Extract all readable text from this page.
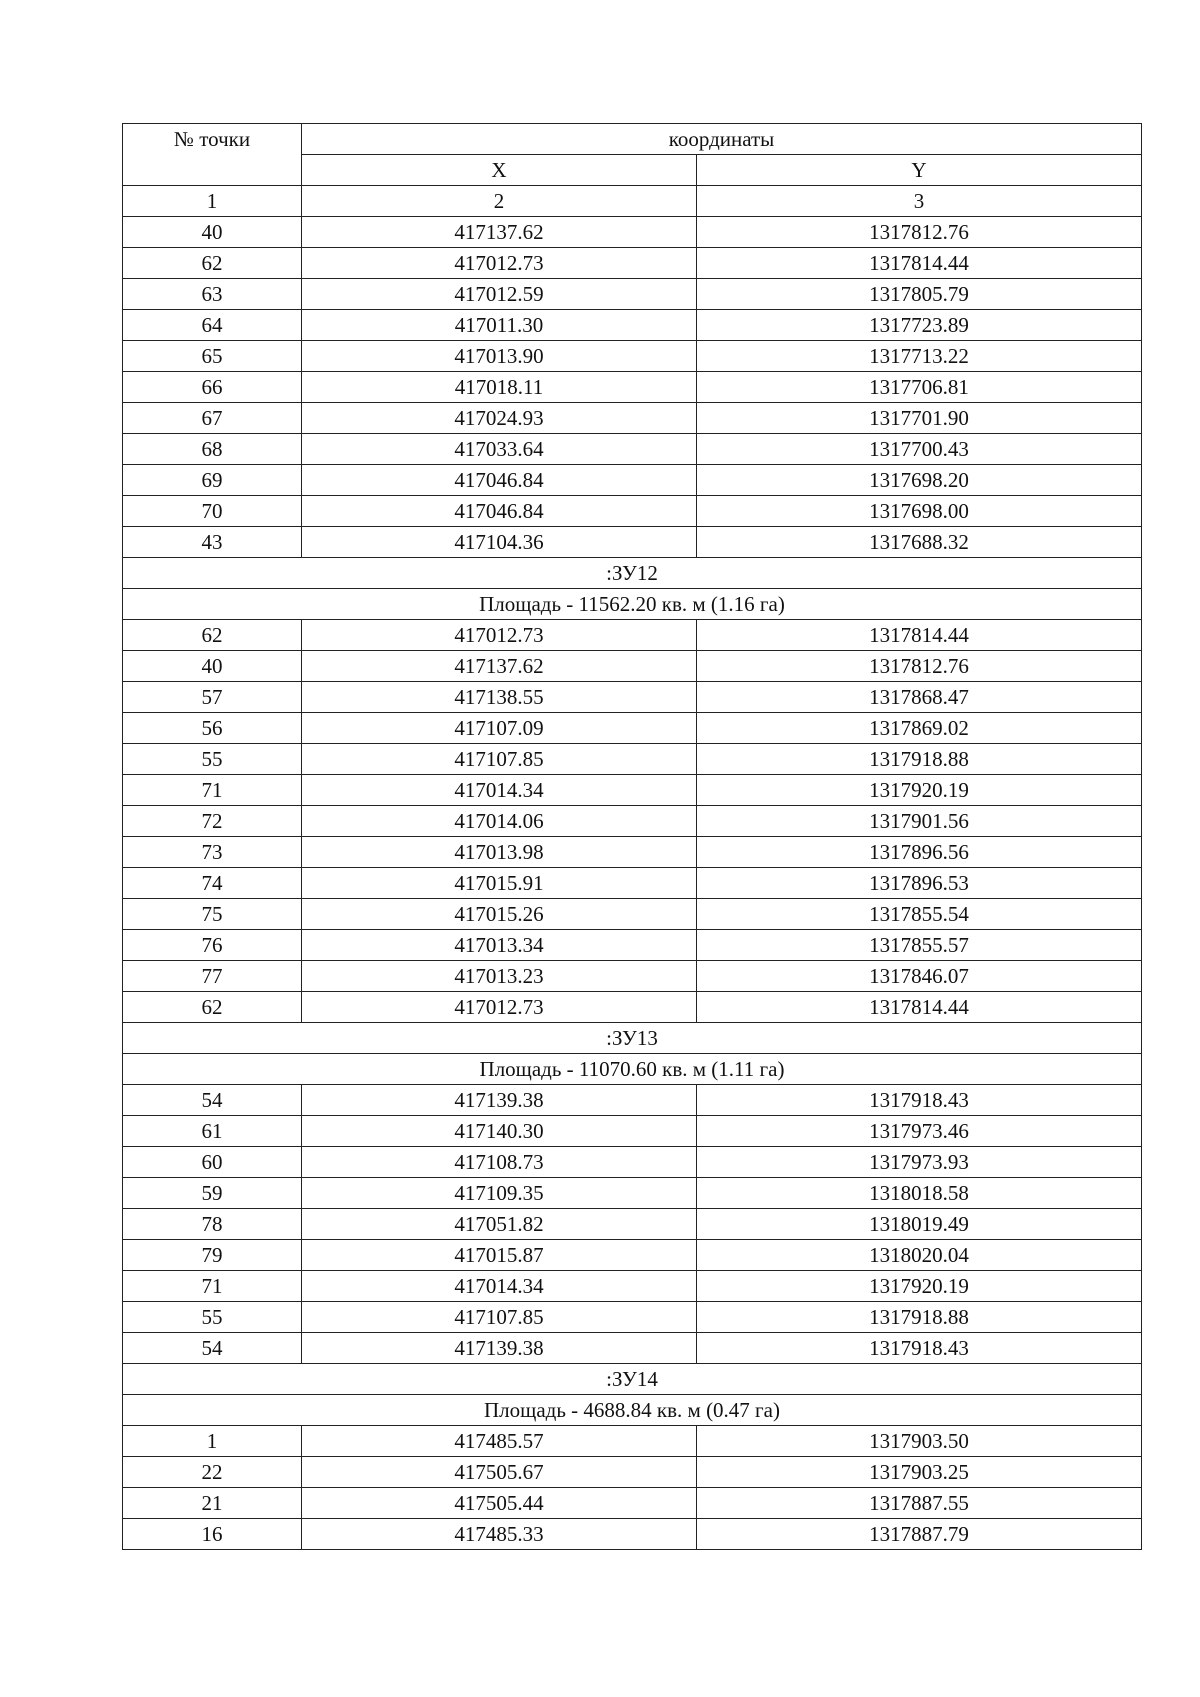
№ точки	координаты	
	X	Y
1	2	3
40	417137.62	1317812.76
62	417012.73	1317814.44
63	417012.59	1317805.79
64	417011.30	1317723.89
65	417013.90	1317713.22
66	417018.11	1317706.81
67	417024.93	1317701.90
68	417033.64	1317700.43
69	417046.84	1317698.20
70	417046.84	1317698.00
43	417104.36	1317688.32
:ЗУ12		
Площадь - 11562.20 кв. м (1.16 га)		
62	417012.73	1317814.44
40	417137.62	1317812.76
57	417138.55	1317868.47
56	417107.09	1317869.02
55	417107.85	1317918.88
71	417014.34	1317920.19
72	417014.06	1317901.56
73	417013.98	1317896.56
74	417015.91	1317896.53
75	417015.26	1317855.54
76	417013.34	1317855.57
77	417013.23	1317846.07
62	417012.73	1317814.44
:ЗУ13		
Площадь - 11070.60 кв. м (1.11 га)		
54	417139.38	1317918.43
61	417140.30	1317973.46
60	417108.73	1317973.93
59	417109.35	1318018.58
78	417051.82	1318019.49
79	417015.87	1318020.04
71	417014.34	1317920.19
55	417107.85	1317918.88
54	417139.38	1317918.43
:ЗУ14		
Площадь - 4688.84 кв. м (0.47 га)		
1	417485.57	1317903.50
22	417505.67	1317903.25
21	417505.44	1317887.55
16	417485.33	1317887.79
